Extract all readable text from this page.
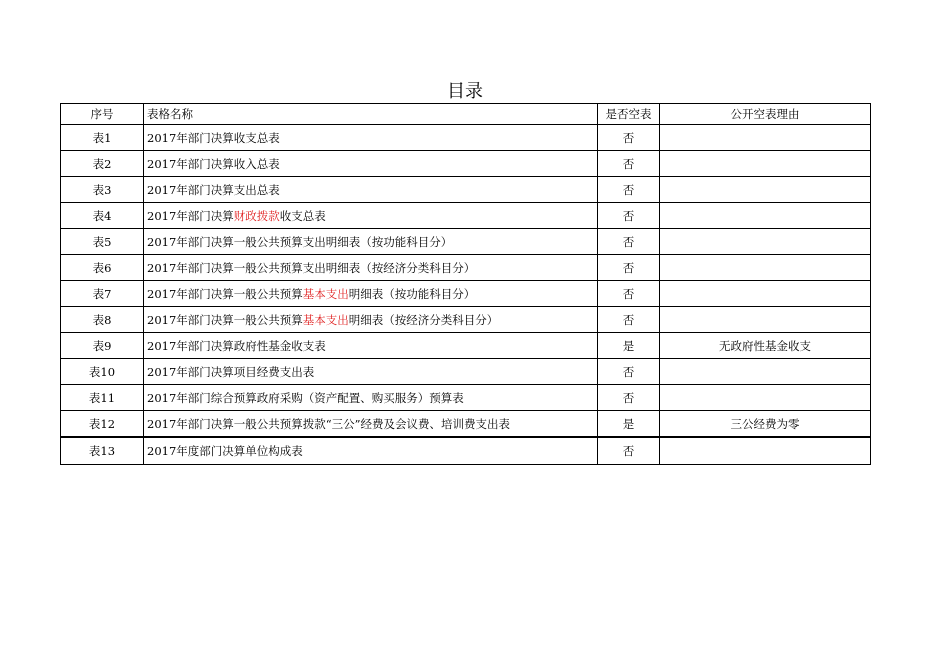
目录
序号	表格名称	是否空表	公开空表理由
表1	2017年部门决算收支总表	否	
表2	2017年部门决算收入总表	否	
表3	2017年部门决算支出总表	否	
表4	2017年部门决算财政拨款收支总表	否	
表5	2017年部门决算一般公共预算支出明细表（按功能科目分）	否	
表6	2017年部门决算一般公共预算支出明细表（按经济分类科目分）	否	
表7	2017年部门决算一般公共预算基本支出明细表（按功能科目分）	否	
表8	2017年部门决算一般公共预算基本支出明细表（按经济分类科目分）	否	
表9	2017年部门决算政府性基金收支表	是	无政府性基金收支
表10	2017年部门决算项目经费支出表	否	
表11	2017年部门综合预算政府采购（资产配置、购买服务）预算表	否	
表12	2017年部门决算一般公共预算拨款“三公”经费及会议费、培训费支出表	是	三公经费为零
表13	2017年度部门决算单位构成表	否	
